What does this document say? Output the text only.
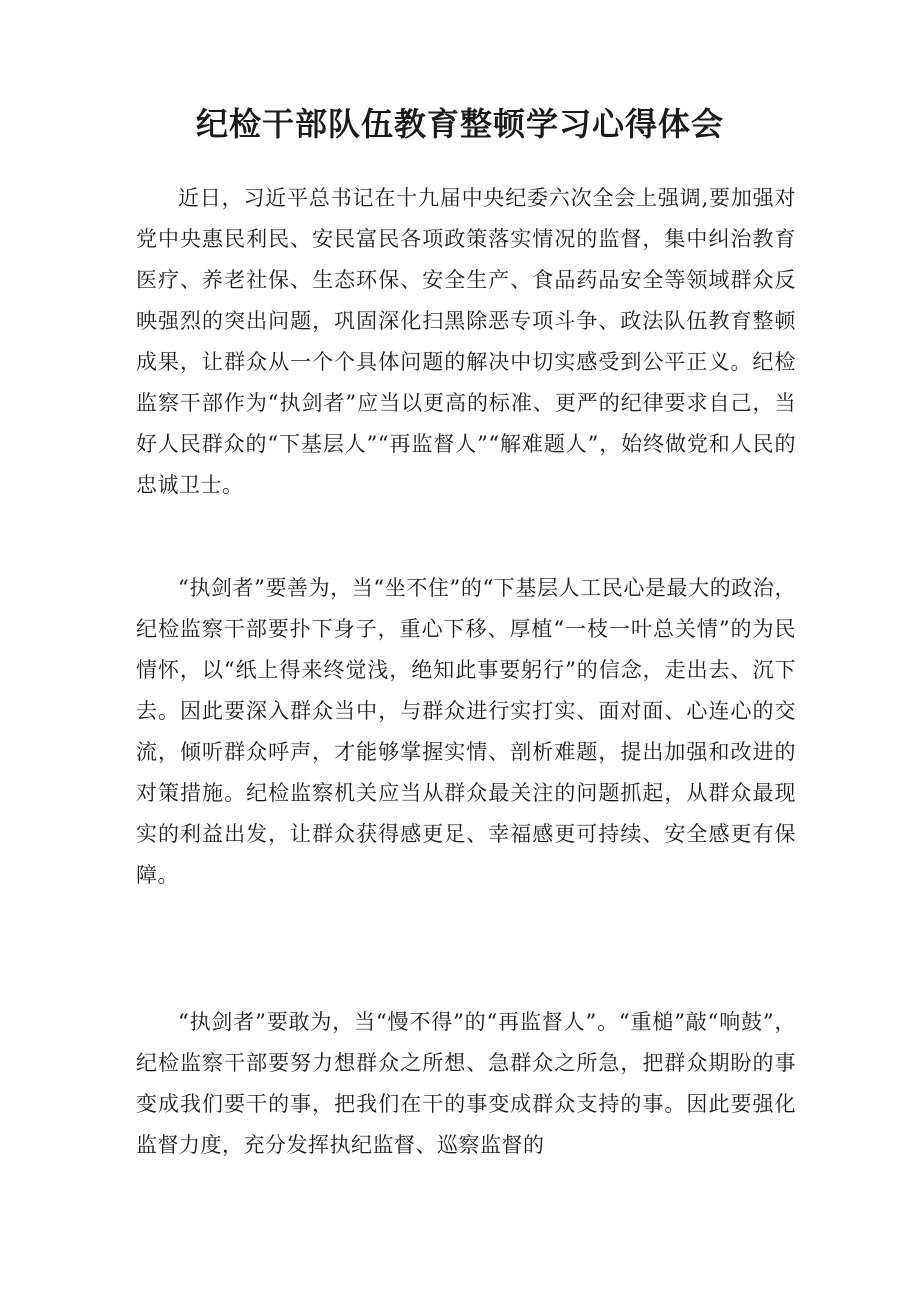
纪检干部队伍教育整顿学习心得体会

近日，习近平总书记在十九届中央纪委六次全会上强调,要加强对党中央惠民利民、安民富民各项政策落实情况的监督，集中纠治教育医疗、养老社保、生态环保、安全生产、食品药品安全等领域群众反映强烈的突出问题，巩固深化扫黑除恶专项斗争、政法队伍教育整顿成果，让群众从一个个具体问题的解决中切实感受到公平正义。纪检监察干部作为“执剑者”应当以更高的标准、更严的纪律要求自己，当好人民群众的“下基层人”“再监督人”“解难题人”，始终做党和人民的忠诚卫士。

“执剑者”要善为，当“坐不住”的“下基层人工民心是最大的政治，纪检监察干部要扑下身子，重心下移、厚植“一枝一叶总关情”的为民情怀，以“纸上得来终觉浅，绝知此事要躬行”的信念，走出去、沉下去。因此要深入群众当中，与群众进行实打实、面对面、心连心的交流，倾听群众呼声，才能够掌握实情、剖析难题，提出加强和改进的对策措施。纪检监察机关应当从群众最关注的问题抓起，从群众最现实的利益出发，让群众获得感更足、幸福感更可持续、安全感更有保障。

“执剑者”要敢为，当“慢不得”的“再监督人”。“重槌”敲“响鼓”，纪检监察干部要努力想群众之所想、急群众之所急，把群众期盼的事变成我们要干的事，把我们在干的事变成群众支持的事。因此要强化监督力度，充分发挥执纪监督、巡察监督的
